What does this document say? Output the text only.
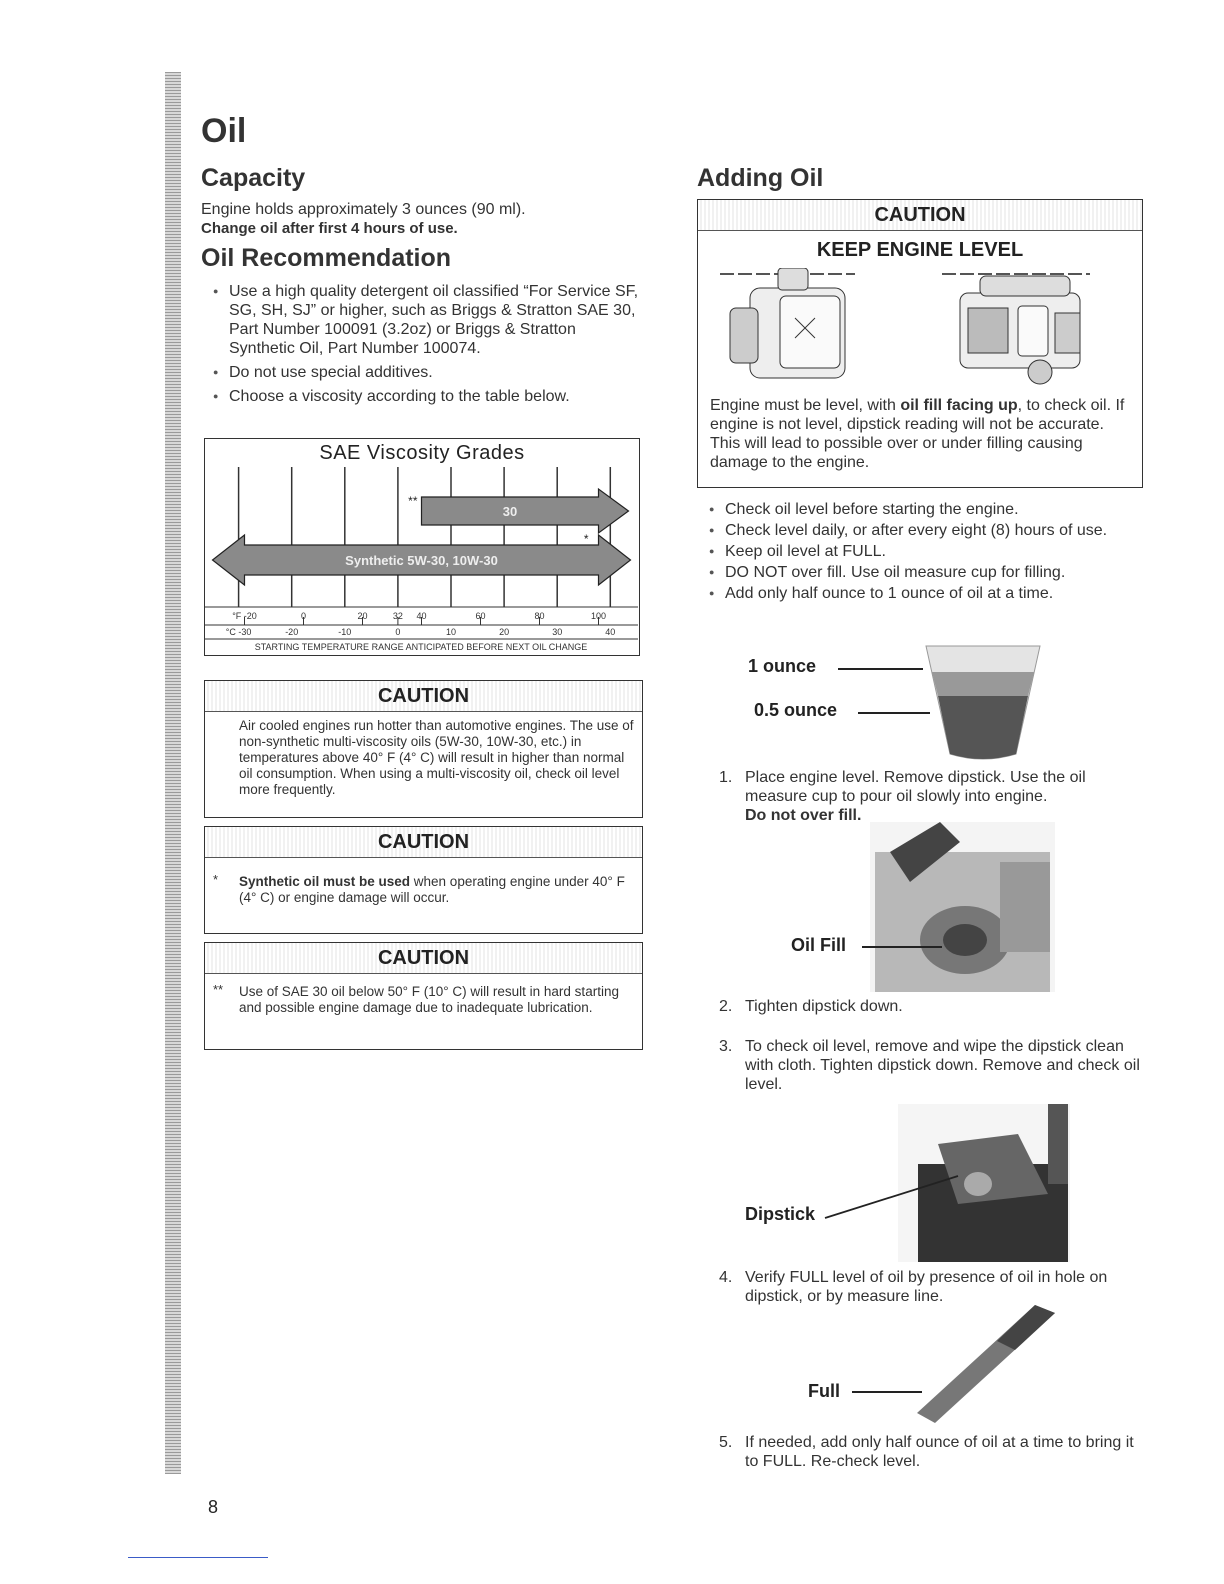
Oil
Capacity
Engine holds approximately 3 ounces (90 ml).
Change oil after first 4 hours of use.
Oil Recommendation
● Use a high quality detergent oil classified “For Service SF, SG, SH, SJ” or higher, such as Briggs & Stratton SAE 30, Part Number 100091 (3.2oz) or Briggs & Stratton Synthetic Oil, Part Number 100074.
● Do not use special additives.
● Choose a viscosity according to the table below.
SAE Viscosity Grades
30
**
Synthetic 5W-30, 10W-30
*
°F -20	0	20	32 40	60	80	100
°C -30	-20	-10	0	10	20	30	40
STARTING TEMPERATURE RANGE ANTICIPATED BEFORE NEXT OIL CHANGE
CAUTION
Air cooled engines run hotter than automotive engines. The use of non-synthetic multi-viscosity oils (5W-30, 10W-30, etc.) in temperatures above 40° F (4° C) will result in higher than normal oil consumption. When using a multi-viscosity oil, check oil level more frequently.
CAUTION
* Synthetic oil must be used when operating engine under 40° F (4° C) or engine damage will occur.
CAUTION
** Use of SAE 30 oil below 50° F (10° C) will result in hard starting and possible engine damage due to inadequate lubrication.
Adding Oil
CAUTION
KEEP ENGINE LEVEL
Engine must be level, with oil fill facing up, to check oil. If engine is not level, dipstick reading will not be accurate. This will lead to possible over or under filling causing damage to the engine.
● Check oil level before starting the engine.
● Check level daily, or after every eight (8) hours of use.
● Keep oil level at FULL.
● DO NOT over fill. Use oil measure cup for filling.
● Add only half ounce to 1 ounce of oil at a time.
1 ounce
0.5 ounce
1. Place engine level. Remove dipstick. Use the oil measure cup to pour oil slowly into engine.
Do not over fill.
Oil Fill
2. Tighten dipstick down.
3. To check oil level, remove and wipe the dipstick clean with cloth. Tighten dipstick down. Remove and check oil level.
Dipstick
4. Verify FULL level of oil by presence of oil in hole on dipstick, or by measure line.
Full
5. If needed, add only half ounce of oil at a time to bring it to FULL. Re-check level.
8
